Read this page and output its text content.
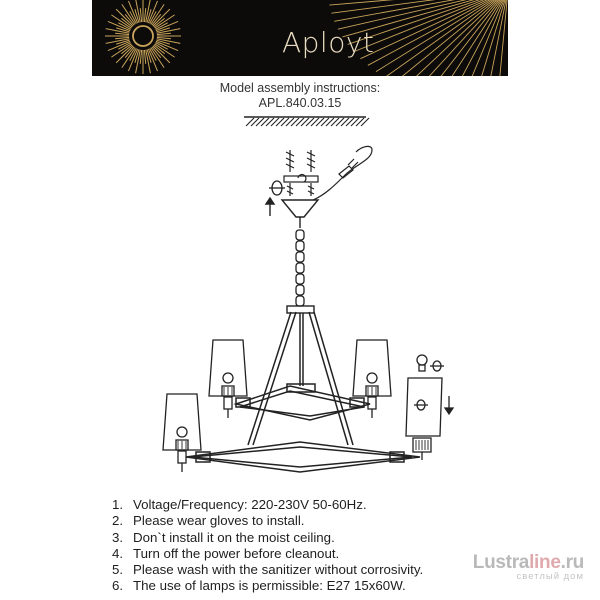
Aployt
Model assembly instructions:
APL.840.03.15
1. Voltage/Frequency: 220-230V 50-60Hz.
2. Please wear gloves to install.
3. Don`t install it on the moist ceiling.
4. Turn off the power before cleanout.
5. Please wash with the sanitizer without corrosivity.
6. The use of lamps is permissible: E27 15x60W.
Lustraline.ru
светлый дом
